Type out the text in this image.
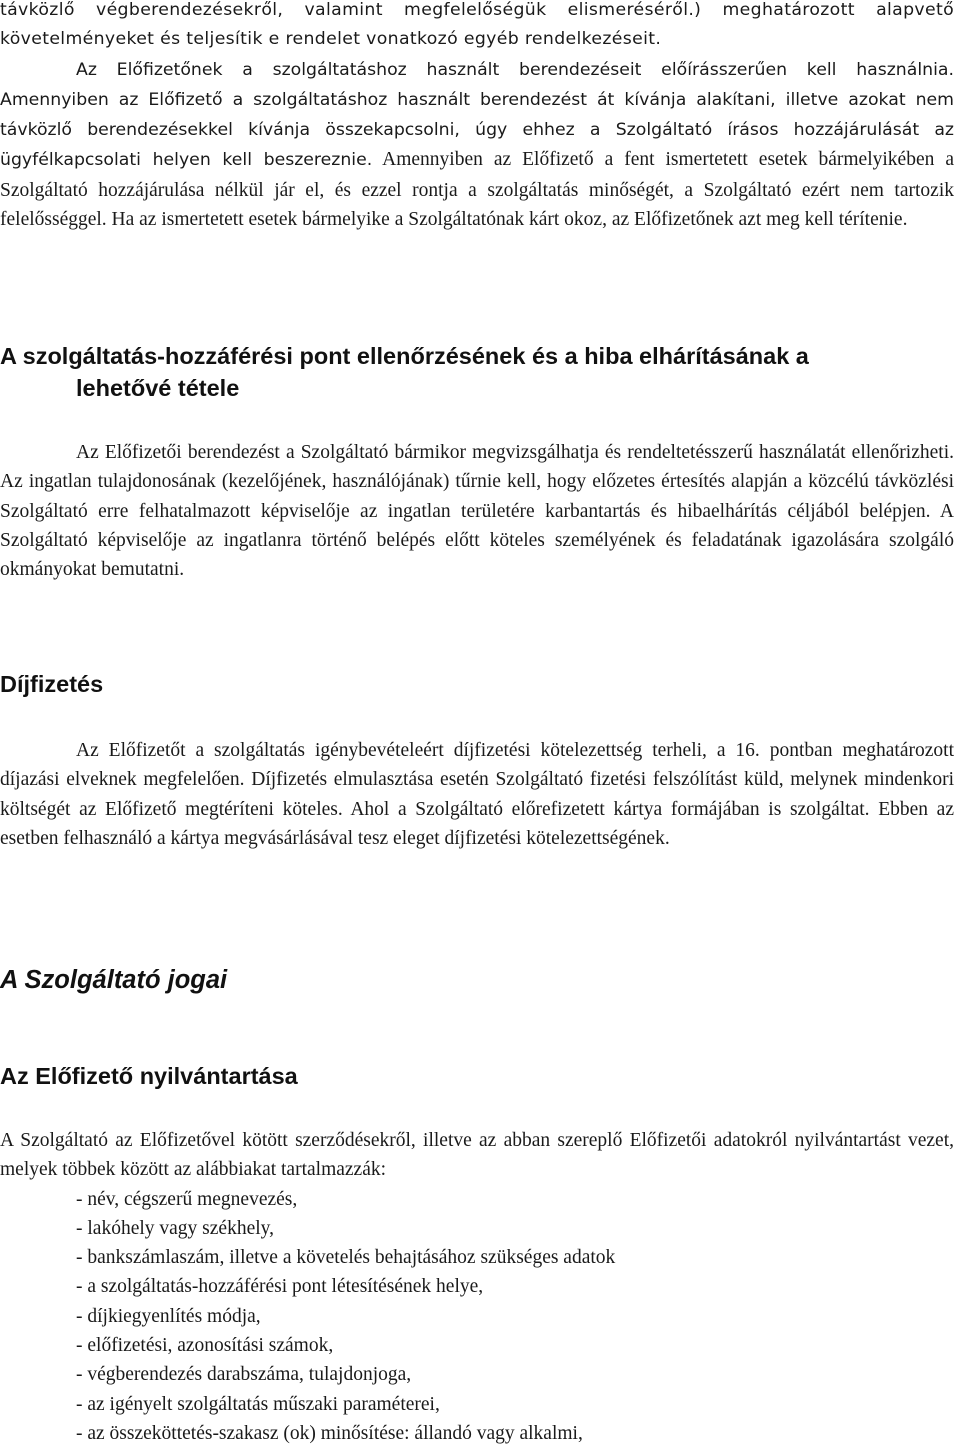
távközlő végberendezésekről, valamint megfelelőségük elismeréséről.) meghatározott alapvető követelményeket és teljesítik e rendelet vonatkozó egyéb rendelkezéseit.

Az Előfizetőnek a szolgáltatáshoz használt berendezéseit előírásszerűen kell használnia. Amennyiben az Előfizető a szolgáltatáshoz használt berendezést át kívánja alakítani, illetve azokat nem távközlő berendezésekkel kívánja összekapcsolni, úgy ehhez a Szolgáltató írásos hozzájárulását az ügyfélkapcsolati helyen kell beszereznie. Amennyiben az Előfizető a fent ismertetett esetek bármelyikében a Szolgáltató hozzájárulása nélkül jár el, és ezzel rontja a szolgáltatás minőségét, a Szolgáltató ezért nem tartozik felelősséggel. Ha az ismertetett esetek bármelyike a Szolgáltatónak kárt okoz, az Előfizetőnek azt meg kell térítenie.

A szolgáltatás-hozzáférési pont ellenőrzésének és a hiba elhárításának a
lehetővé tétele

Az Előfizetői berendezést a Szolgáltató bármikor megvizsgálhatja és rendeltetésszerű használatát ellenőrizheti. Az ingatlan tulajdonosának (kezelőjének, használójának) tűrnie kell, hogy előzetes értesítés alapján a közcélú távközlési Szolgáltató erre felhatalmazott képviselője az ingatlan területére karbantartás és hibaelhárítás céljából belépjen. A Szolgáltató képviselője az ingatlanra történő belépés előtt köteles személyének és feladatának igazolására szolgáló okmányokat bemutatni.

Díjfizetés

Az Előfizetőt a szolgáltatás igénybevételeért díjfizetési kötelezettség terheli, a 16. pontban meghatározott díjazási elveknek megfelelően. Díjfizetés elmulasztása esetén Szolgáltató fizetési felszólítást küld, melynek mindenkori költségét az Előfizető megtéríteni köteles. Ahol a Szolgáltató előrefizetett kártya formájában is szolgáltat. Ebben az esetben felhasználó a kártya megvásárlásával tesz eleget díjfizetési kötelezettségének.

A Szolgáltató jogai
Az Előfizető nyilvántartása

A Szolgáltató az Előfizetővel kötött szerződésekről, illetve az abban szereplő Előfizetői adatokról nyilvántartást vezet, melyek többek között az alábbiakat tartalmazzák:

- név, cégszerű megnevezés,
- lakóhely vagy székhely,
- bankszámlaszám, illetve a követelés behajtásához szükséges adatok
- a szolgáltatás-hozzáférési pont létesítésének helye,
- díjkiegyenlítés módja,
- előfizetési, azonosítási számok,
- végberendezés darabszáma, tulajdonjoga,
- az igényelt szolgáltatás műszaki paraméterei,
- az összeköttetés-szakasz (ok) minősítése: állandó vagy alkalmi,
